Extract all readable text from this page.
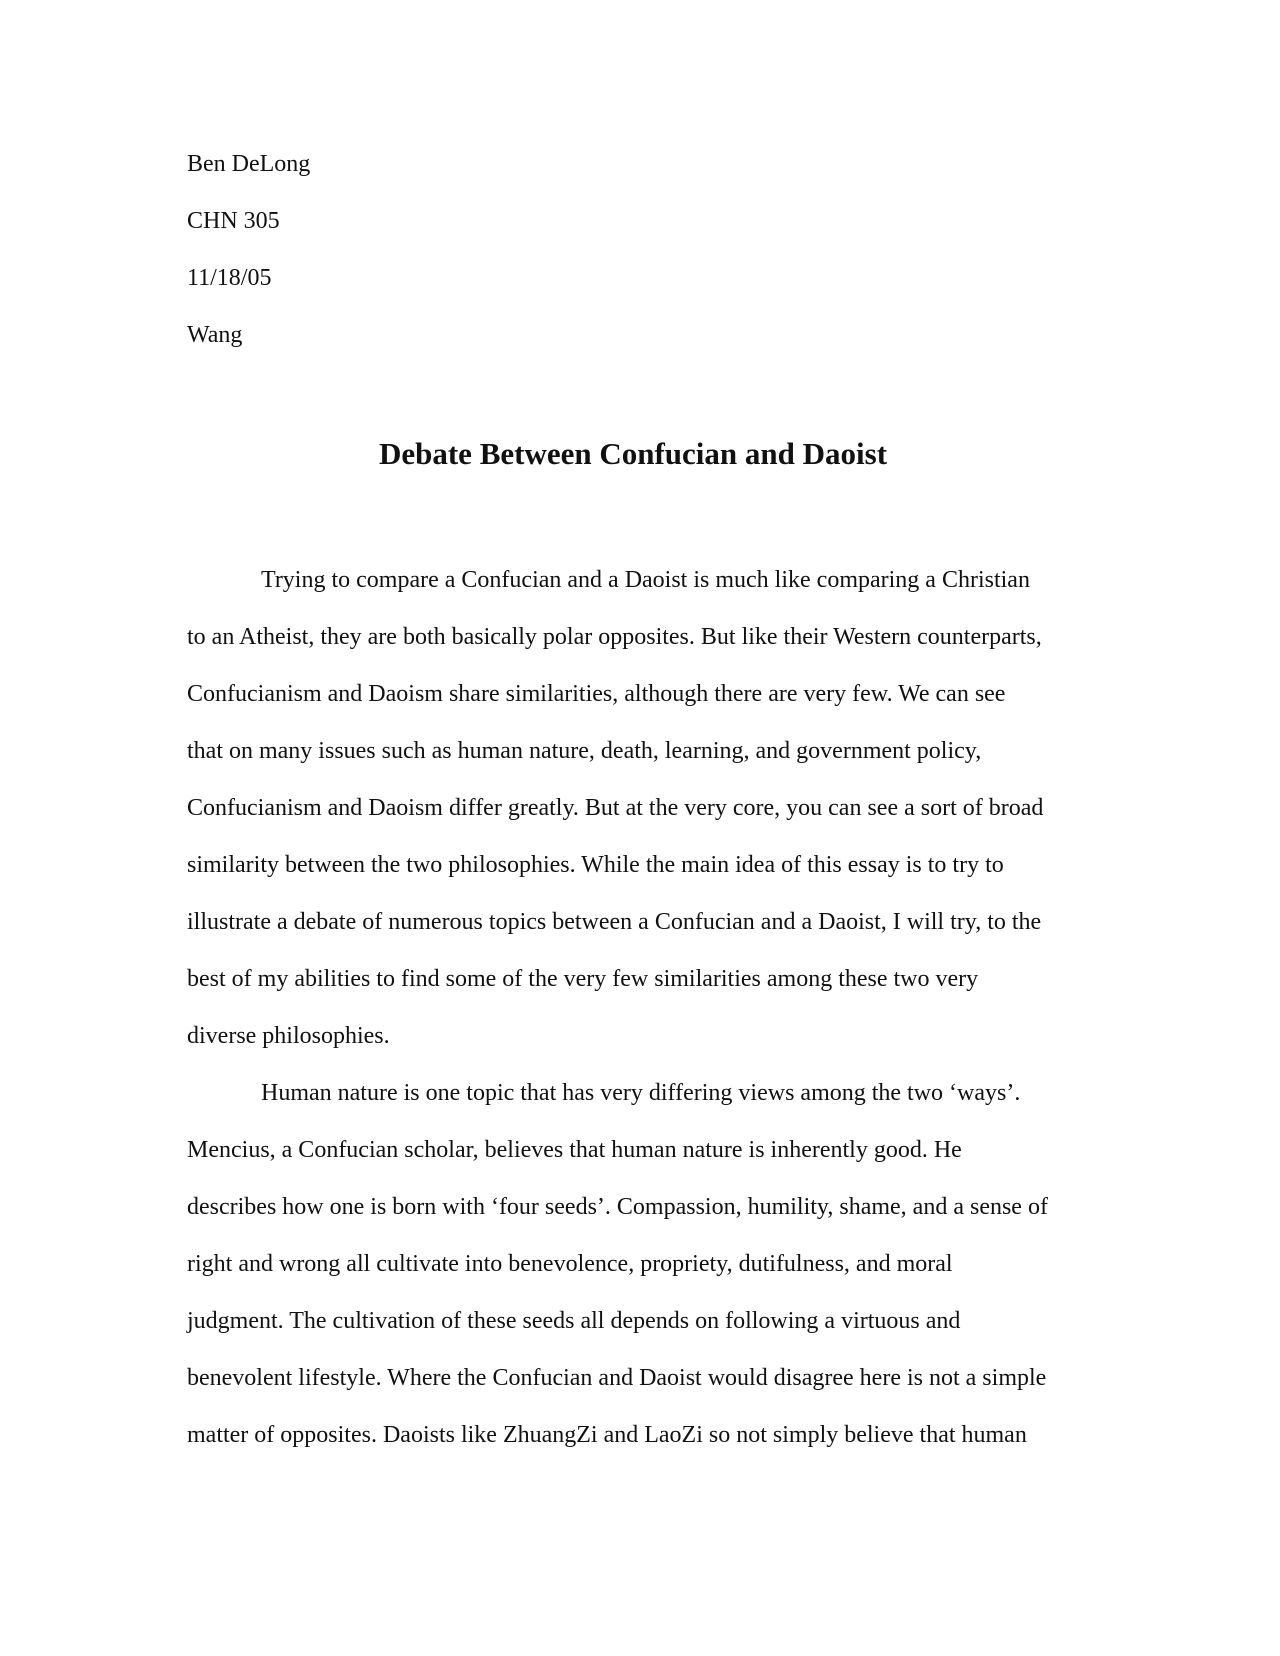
Ben DeLong
CHN 305
11/18/05
Wang
Debate Between Confucian and Daoist
Trying to compare a Confucian and a Daoist is much like comparing a Christian
to an Atheist, they are both basically polar opposites. But like their Western counterparts,
Confucianism and Daoism share similarities, although there are very few. We can see
that on many issues such as human nature, death, learning, and government policy,
Confucianism and Daoism differ greatly. But at the very core, you can see a sort of broad
similarity between the two philosophies. While the main idea of this essay is to try to
illustrate a debate of numerous topics between a Confucian and a Daoist, I will try, to the
best of my abilities to find some of the very few similarities among these two very
diverse philosophies.
Human nature is one topic that has very differing views among the two ‘ways’.
Mencius, a Confucian scholar, believes that human nature is inherently good. He
describes how one is born with ‘four seeds’. Compassion, humility, shame, and a sense of
right and wrong all cultivate into benevolence, propriety, dutifulness, and moral
judgment. The cultivation of these seeds all depends on following a virtuous and
benevolent lifestyle. Where the Confucian and Daoist would disagree here is not a simple
matter of opposites. Daoists like ZhuangZi and LaoZi so not simply believe that human
